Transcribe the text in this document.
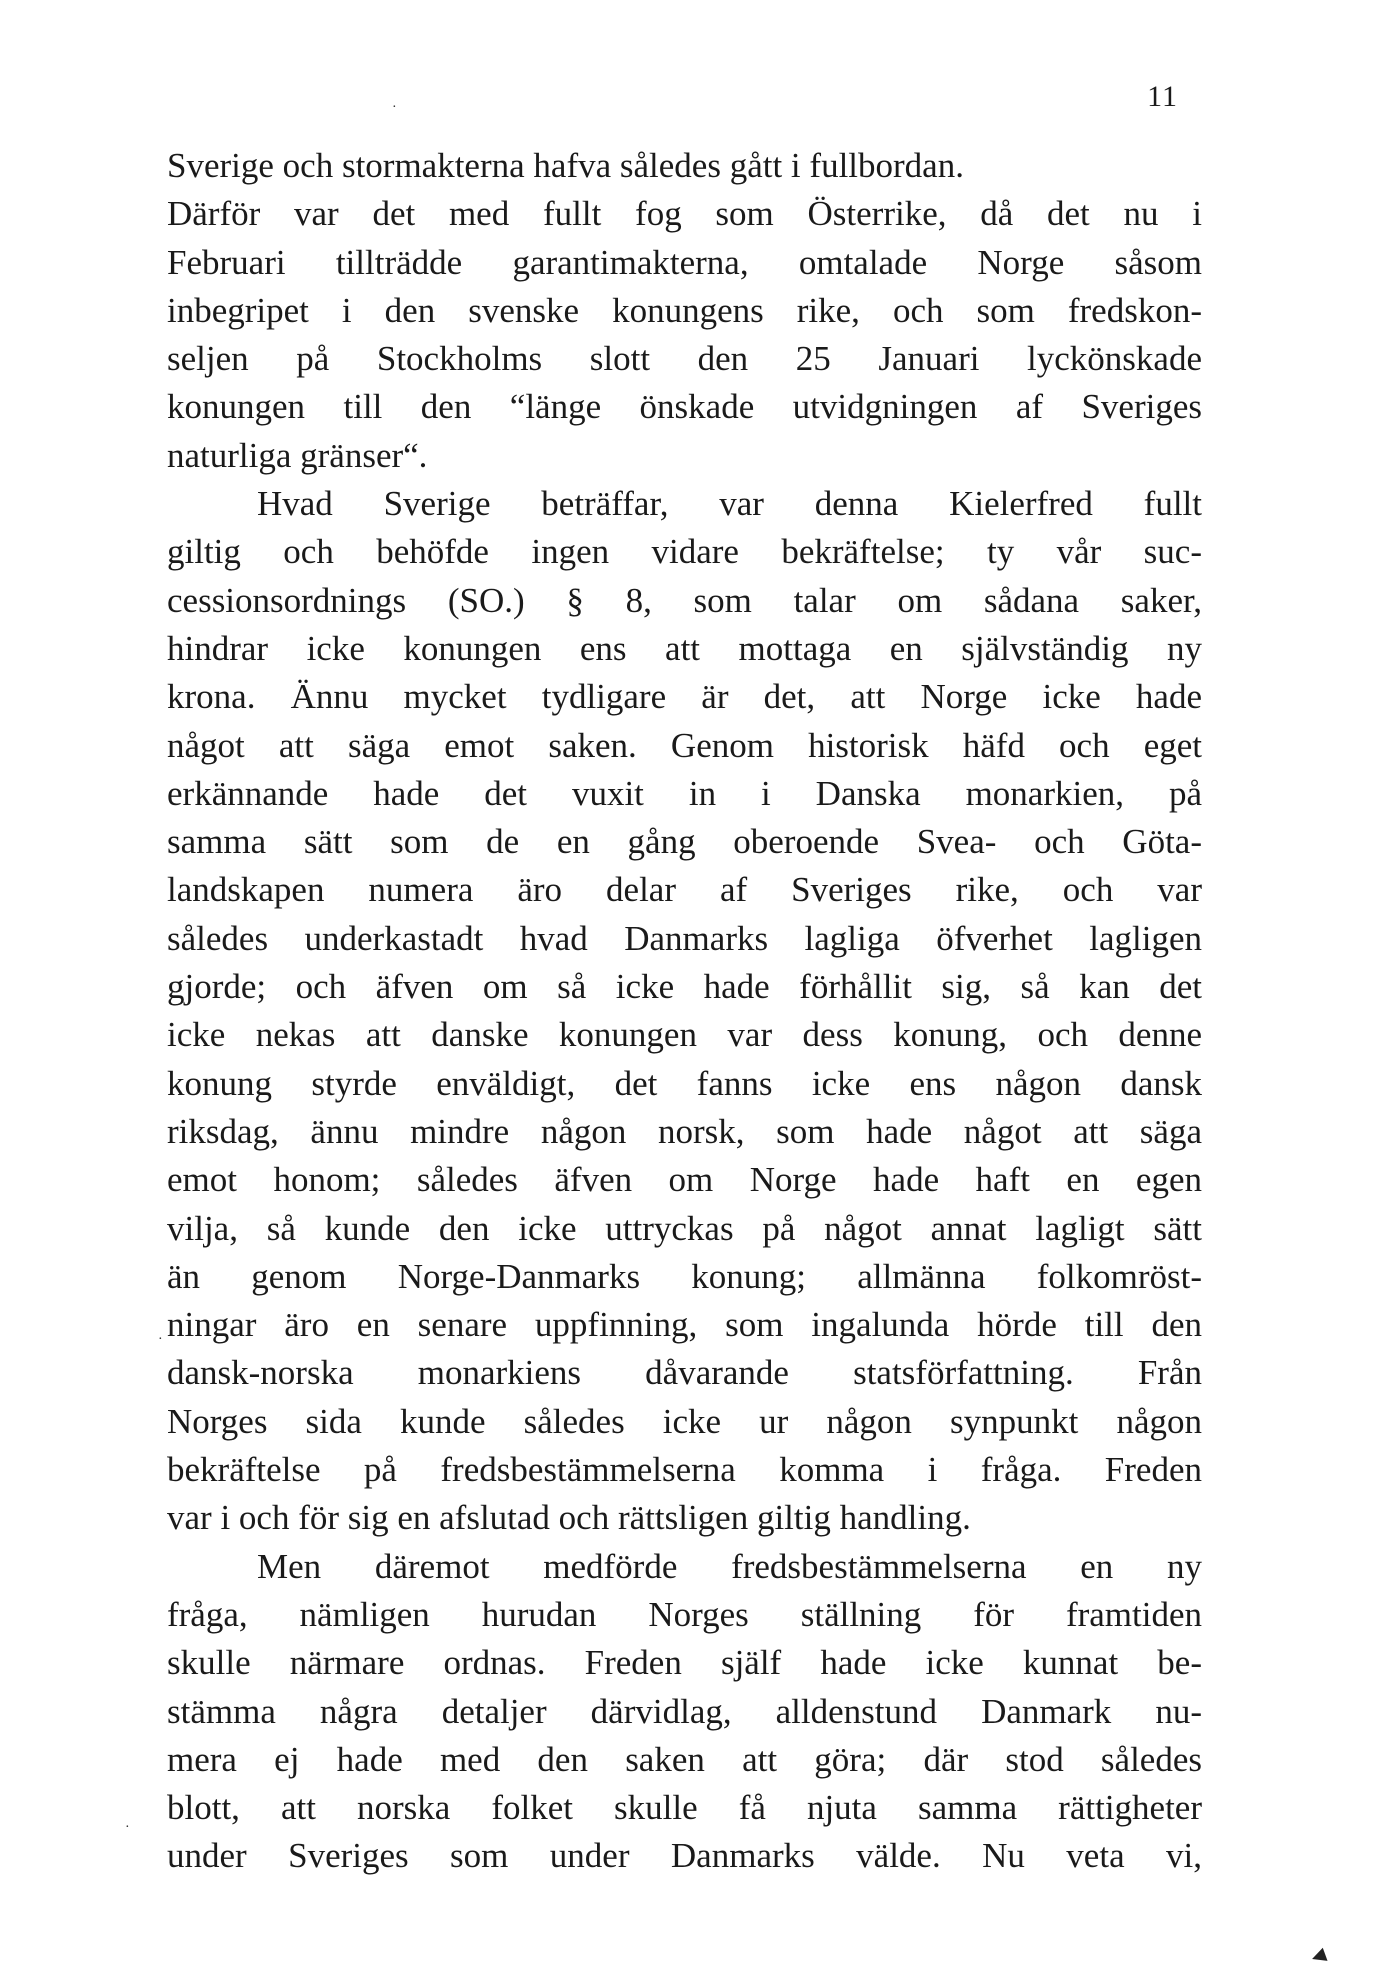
11
Sverige och stormakterna hafva således gått i fullbordan.
Därför var det med fullt fog som Österrike, då det nu i
Februari tillträdde garantimakterna, omtalade Norge såsom
inbegripet i den svenske konungens rike, och som fredskon-
seljen på Stockholms slott den 25 Januari lyckönskade
konungen till den “länge önskade utvidgningen af Sveriges
naturliga gränser“.
Hvad Sverige beträffar, var denna Kielerfred fullt
giltig och behöfde ingen vidare bekräftelse; ty vår suc-
cessionsordnings (SO.) § 8, som talar om sådana saker,
hindrar icke konungen ens att mottaga en självständig ny
krona. Ännu mycket tydligare är det, att Norge icke hade
något att säga emot saken. Genom historisk häfd och eget
erkännande hade det vuxit in i Danska monarkien, på
samma sätt som de en gång oberoende Svea- och Göta-
landskapen numera äro delar af Sveriges rike, och var
således underkastadt hvad Danmarks lagliga öfverhet lagligen
gjorde; och äfven om så icke hade förhållit sig, så kan det
icke nekas att danske konungen var dess konung, och denne
konung styrde enväldigt, det fanns icke ens någon dansk
riksdag, ännu mindre någon norsk, som hade något att säga
emot honom; således äfven om Norge hade haft en egen
vilja, så kunde den icke uttryckas på något annat lagligt sätt
än genom Norge-Danmarks konung; allmänna folkomröst-
ningar äro en senare uppfinning, som ingalunda hörde till den
dansk-norska monarkiens dåvarande statsförfattning. Från
Norges sida kunde således icke ur någon synpunkt någon
bekräftelse på fredsbestämmelserna komma i fråga. Freden
var i och för sig en afslutad och rättsligen giltig handling.
Men däremot medförde fredsbestämmelserna en ny
fråga, nämligen hurudan Norges ställning för framtiden
skulle närmare ordnas. Freden själf hade icke kunnat be-
stämma några detaljer därvidlag, alldenstund Danmark nu-
mera ej hade med den saken att göra; där stod således
blott, att norska folket skulle få njuta samma rättigheter
under Sveriges som under Danmarks välde. Nu veta vi,
·
·
·
◂
